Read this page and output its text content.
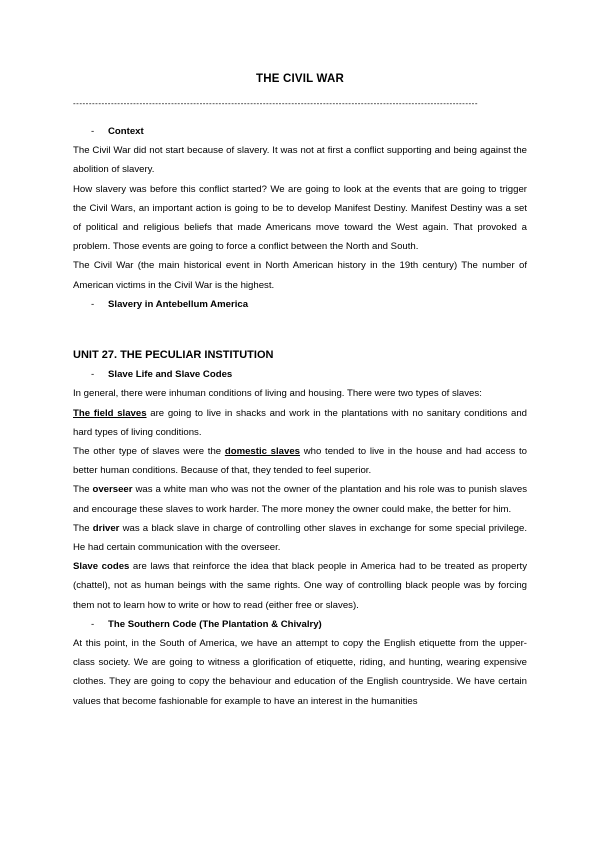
THE CIVIL WAR
--------------------------------------------------------------------------------------------------------------------------------
- Context
The Civil War did not start because of slavery. It was not at first a conflict supporting and being against the abolition of slavery.
How slavery was before this conflict started? We are going to look at the events that are going to trigger the Civil Wars, an important action is going to be to develop Manifest Destiny. Manifest Destiny was a set of political and religious beliefs that made Americans move toward the West again. That provoked a problem. Those events are going to force a conflict between the North and South.
The Civil War (the main historical event in North American history in the 19th century) The number of American victims in the Civil War is the highest.
- Slavery in Antebellum America
UNIT 27. THE PECULIAR INSTITUTION
- Slave Life and Slave Codes
In general, there were inhuman conditions of living and housing. There were two types of slaves:
The field slaves are going to live in shacks and work in the plantations with no sanitary conditions and hard types of living conditions.
The other type of slaves were the domestic slaves who tended to live in the house and had access to better human conditions. Because of that, they tended to feel superior.
The overseer was a white man who was not the owner of the plantation and his role was to punish slaves and encourage these slaves to work harder. The more money the owner could make, the better for him.
The driver was a black slave in charge of controlling other slaves in exchange for some special privilege. He had certain communication with the overseer.
Slave codes are laws that reinforce the idea that black people in America had to be treated as property (chattel), not as human beings with the same rights. One way of controlling black people was by forcing them not to learn how to write or how to read (either free or slaves).
- The Southern Code (The Plantation & Chivalry)
At this point, in the South of America, we have an attempt to copy the English etiquette from the upper-class society. We are going to witness a glorification of etiquette, riding, and hunting, wearing expensive clothes. They are going to copy the behaviour and education of the English countryside. We have certain values that become fashionable for example to have an interest in the humanities
